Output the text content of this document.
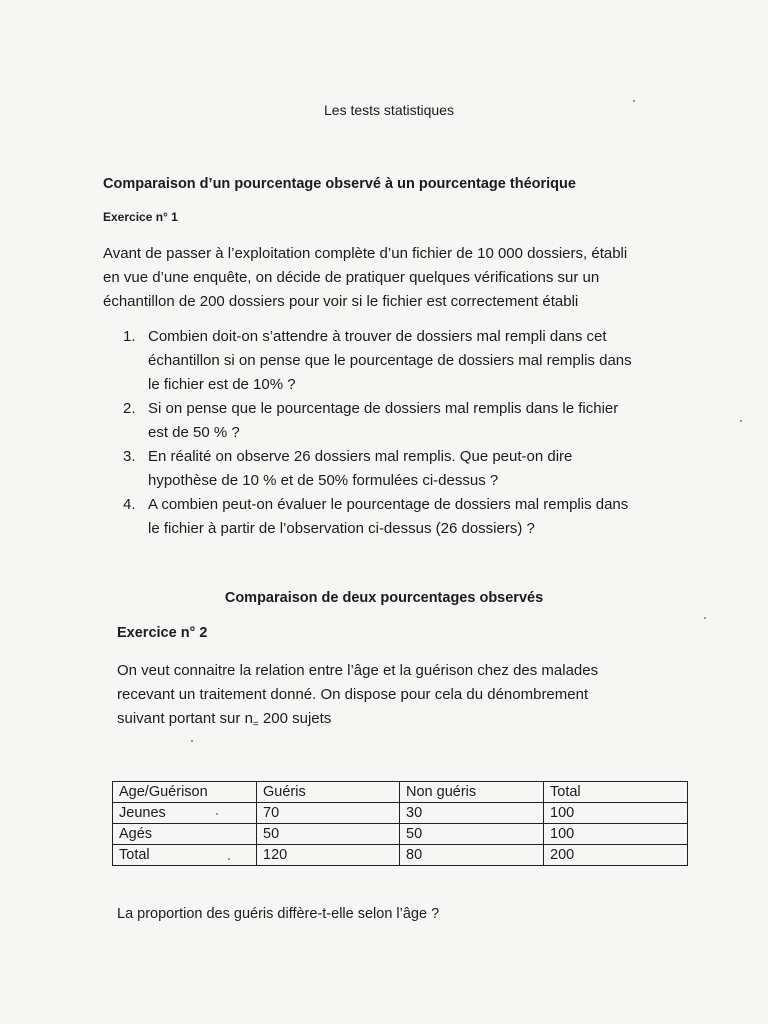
Les tests statistiques
Comparaison d’un pourcentage observé à un pourcentage théorique
Exercice n° 1
Avant de passer à l’exploitation complète d’un fichier de 10 000 dossiers, établi
en vue d’une enquête, on décide de pratiquer quelques vérifications sur un
échantillon de 200 dossiers pour voir si le fichier est correctement établi
1. Combien doit-on s’attendre à trouver de dossiers mal rempli dans cet
échantillon si on pense que le pourcentage de dossiers mal remplis dans
le fichier est de 10% ?
2. Si on pense que le pourcentage de dossiers mal remplis dans le fichier
est de 50 % ?
3. En réalité on observe 26 dossiers mal remplis. Que peut-on dire
hypothèse de 10 % et de 50% formulées ci-dessus ?
4. A combien peut-on évaluer le pourcentage de dossiers mal remplis dans
le fichier à partir de l’observation ci-dessus (26 dossiers) ?
Comparaison de deux pourcentages observés
Exercice n° 2
On veut connaitre la relation entre l’âge et la guérison chez des malades
recevant un traitement donné. On dispose pour cela du dénombrement
suivant portant sur $n_=$ 200 sujets
Age/Guérison	Guéris	Non guéris	Total
Jeunes	70	30	100
Agés	50	50	100
Total	120	80	200
La proportion des guéris diffère-t-elle selon l’âge ?
